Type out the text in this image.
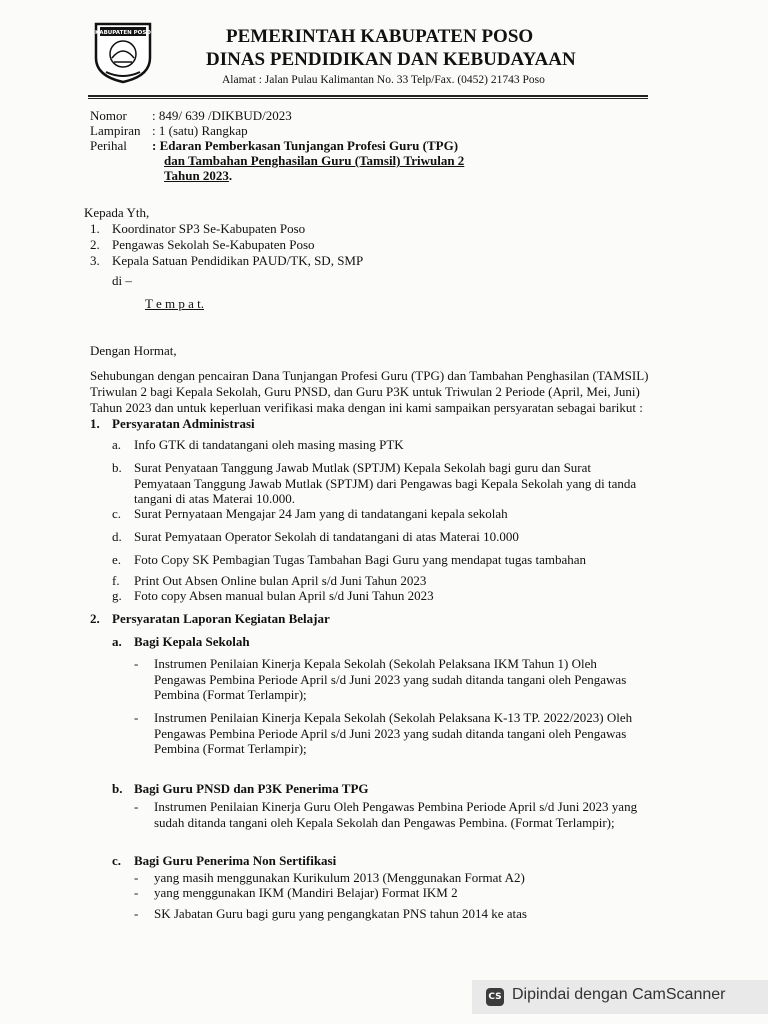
KABUPATEN POSO	PEMERINTAH KABUPATEN POSO
DINAS PENDIDIKAN DAN KEBUDAYAAN
Alamat : Jalan Pulau Kalimantan No. 33 Telp/Fax. (0452) 21743 Poso
Nomor : 849/ 639 /DIKBUD/2023
Lampiran : 1 (satu) Rangkap
Perihal : Edaran Pemberkasan Tunjangan Profesi Guru (TPG)
dan Tambahan Penghasilan Guru (Tamsil) Triwulan 2
Tahun 2023.
Kepada Yth,
1. Koordinator SP3 Se-Kabupaten Poso
2. Pengawas Sekolah Se-Kabupaten Poso
3. Kepala Satuan Pendidikan PAUD/TK, SD, SMP
di –
T e m p a t.
Dengan Hormat,
Sehubungan dengan pencairan Dana Tunjangan Profesi Guru (TPG) dan Tambahan Penghasilan (TAMSIL)
Triwulan 2 bagi Kepala Sekolah, Guru PNSD, dan Guru P3K untuk Triwulan 2 Periode (April, Mei, Juni)
Tahun 2023 dan untuk keperluan verifikasi maka dengan ini kami sampaikan persyaratan sebagai barikut :
1. Persyaratan Administrasi
a. Info GTK di tandatangani oleh masing masing PTK
b. Surat Penyataan Tanggung Jawab Mutlak (SPTJM) Kepala Sekolah bagi guru dan Surat Pemyataan Tanggung Jawab Mutlak (SPTJM) dari Pengawas bagi Kepala Sekolah yang di tanda tangani di atas Materai 10.000.
c. Surat Pernyataan Mengajar 24 Jam yang di tandatangani kepala sekolah
d. Surat Pemyataan Operator Sekolah di tandatangani di atas Materai 10.000
e. Foto Copy SK Pembagian Tugas Tambahan Bagi Guru yang mendapat tugas tambahan
f. Print Out Absen Online bulan April s/d Juni Tahun 2023
g. Foto copy Absen manual bulan April s/d Juni Tahun 2023
2. Persyaratan Laporan Kegiatan Belajar
a. Bagi Kepala Sekolah
- Instrumen Penilaian Kinerja Kepala Sekolah (Sekolah Pelaksana IKM Tahun 1) Oleh Pengawas Pembina Periode April s/d Juni 2023 yang sudah ditanda tangani oleh Pengawas Pembina (Format Terlampir);
- Instrumen Penilaian Kinerja Kepala Sekolah (Sekolah Pelaksana K-13 TP. 2022/2023) Oleh Pengawas Pembina Periode April s/d Juni 2023 yang sudah ditanda tangani oleh Pengawas Pembina (Format Terlampir);
b. Bagi Guru PNSD dan P3K Penerima TPG
- Instrumen Penilaian Kinerja Guru Oleh Pengawas Pembina Periode April s/d Juni 2023 yang sudah ditanda tangani oleh Kepala Sekolah dan Pengawas Pembina. (Format Terlampir);
c. Bagi Guru Penerima Non Sertifikasi
- yang masih menggunakan Kurikulum 2013 (Menggunakan Format A2)
- yang menggunakan IKM (Mandiri Belajar) Format IKM 2
- SK Jabatan Guru bagi guru yang pengangkatan PNS tahun 2014 ke atas
CS Dipindai dengan CamScanner
